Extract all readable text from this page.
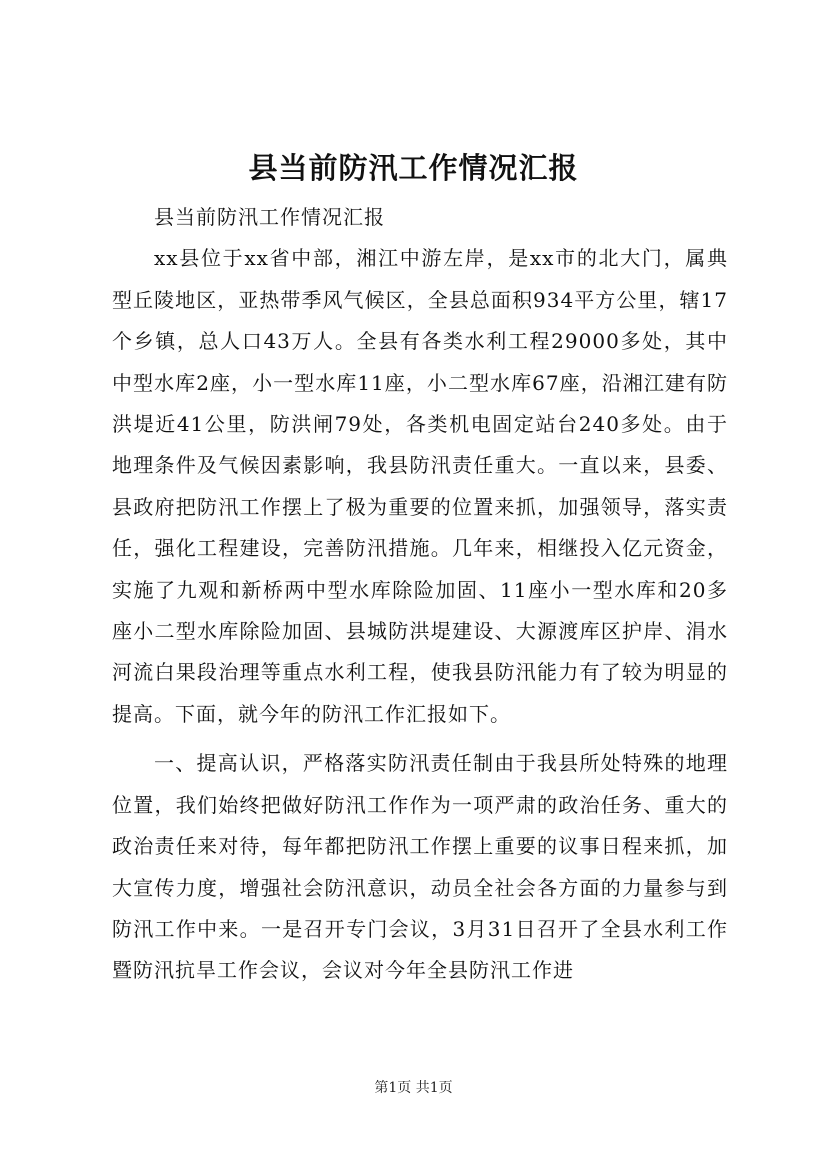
县当前防汛工作情况汇报

县当前防汛工作情况汇报

xx县位于xx省中部，湘江中游左岸，是xx市的北大门，属典型丘陵地区，亚热带季风气候区，全县总面积934平方公里，辖17个乡镇，总人口43万人。全县有各类水利工程29000多处，其中中型水库2座，小一型水库11座，小二型水库67座，沿湘江建有防洪堤近41公里，防洪闸79处，各类机电固定站台240多处。由于地理条件及气候因素影响，我县防汛责任重大。一直以来，县委、县政府把防汛工作摆上了极为重要的位置来抓，加强领导，落实责任，强化工程建设，完善防汛措施。几年来，相继投入亿元资金，实施了九观和新桥两中型水库除险加固、11座小一型水库和20多座小二型水库除险加固、县城防洪堤建设、大源渡库区护岸、涓水河流白果段治理等重点水利工程，使我县防汛能力有了较为明显的提高。下面，就今年的防汛工作汇报如下。

一、提高认识，严格落实防汛责任制由于我县所处特殊的地理位置，我们始终把做好防汛工作作为一项严肃的政治任务、重大的政治责任来对待，每年都把防汛工作摆上重要的议事日程来抓，加大宣传力度，增强社会防汛意识，动员全社会各方面的力量参与到防汛工作中来。一是召开专门会议，3月31日召开了全县水利工作暨防汛抗旱工作会议，会议对今年全县防汛工作进

第1页 共1页
